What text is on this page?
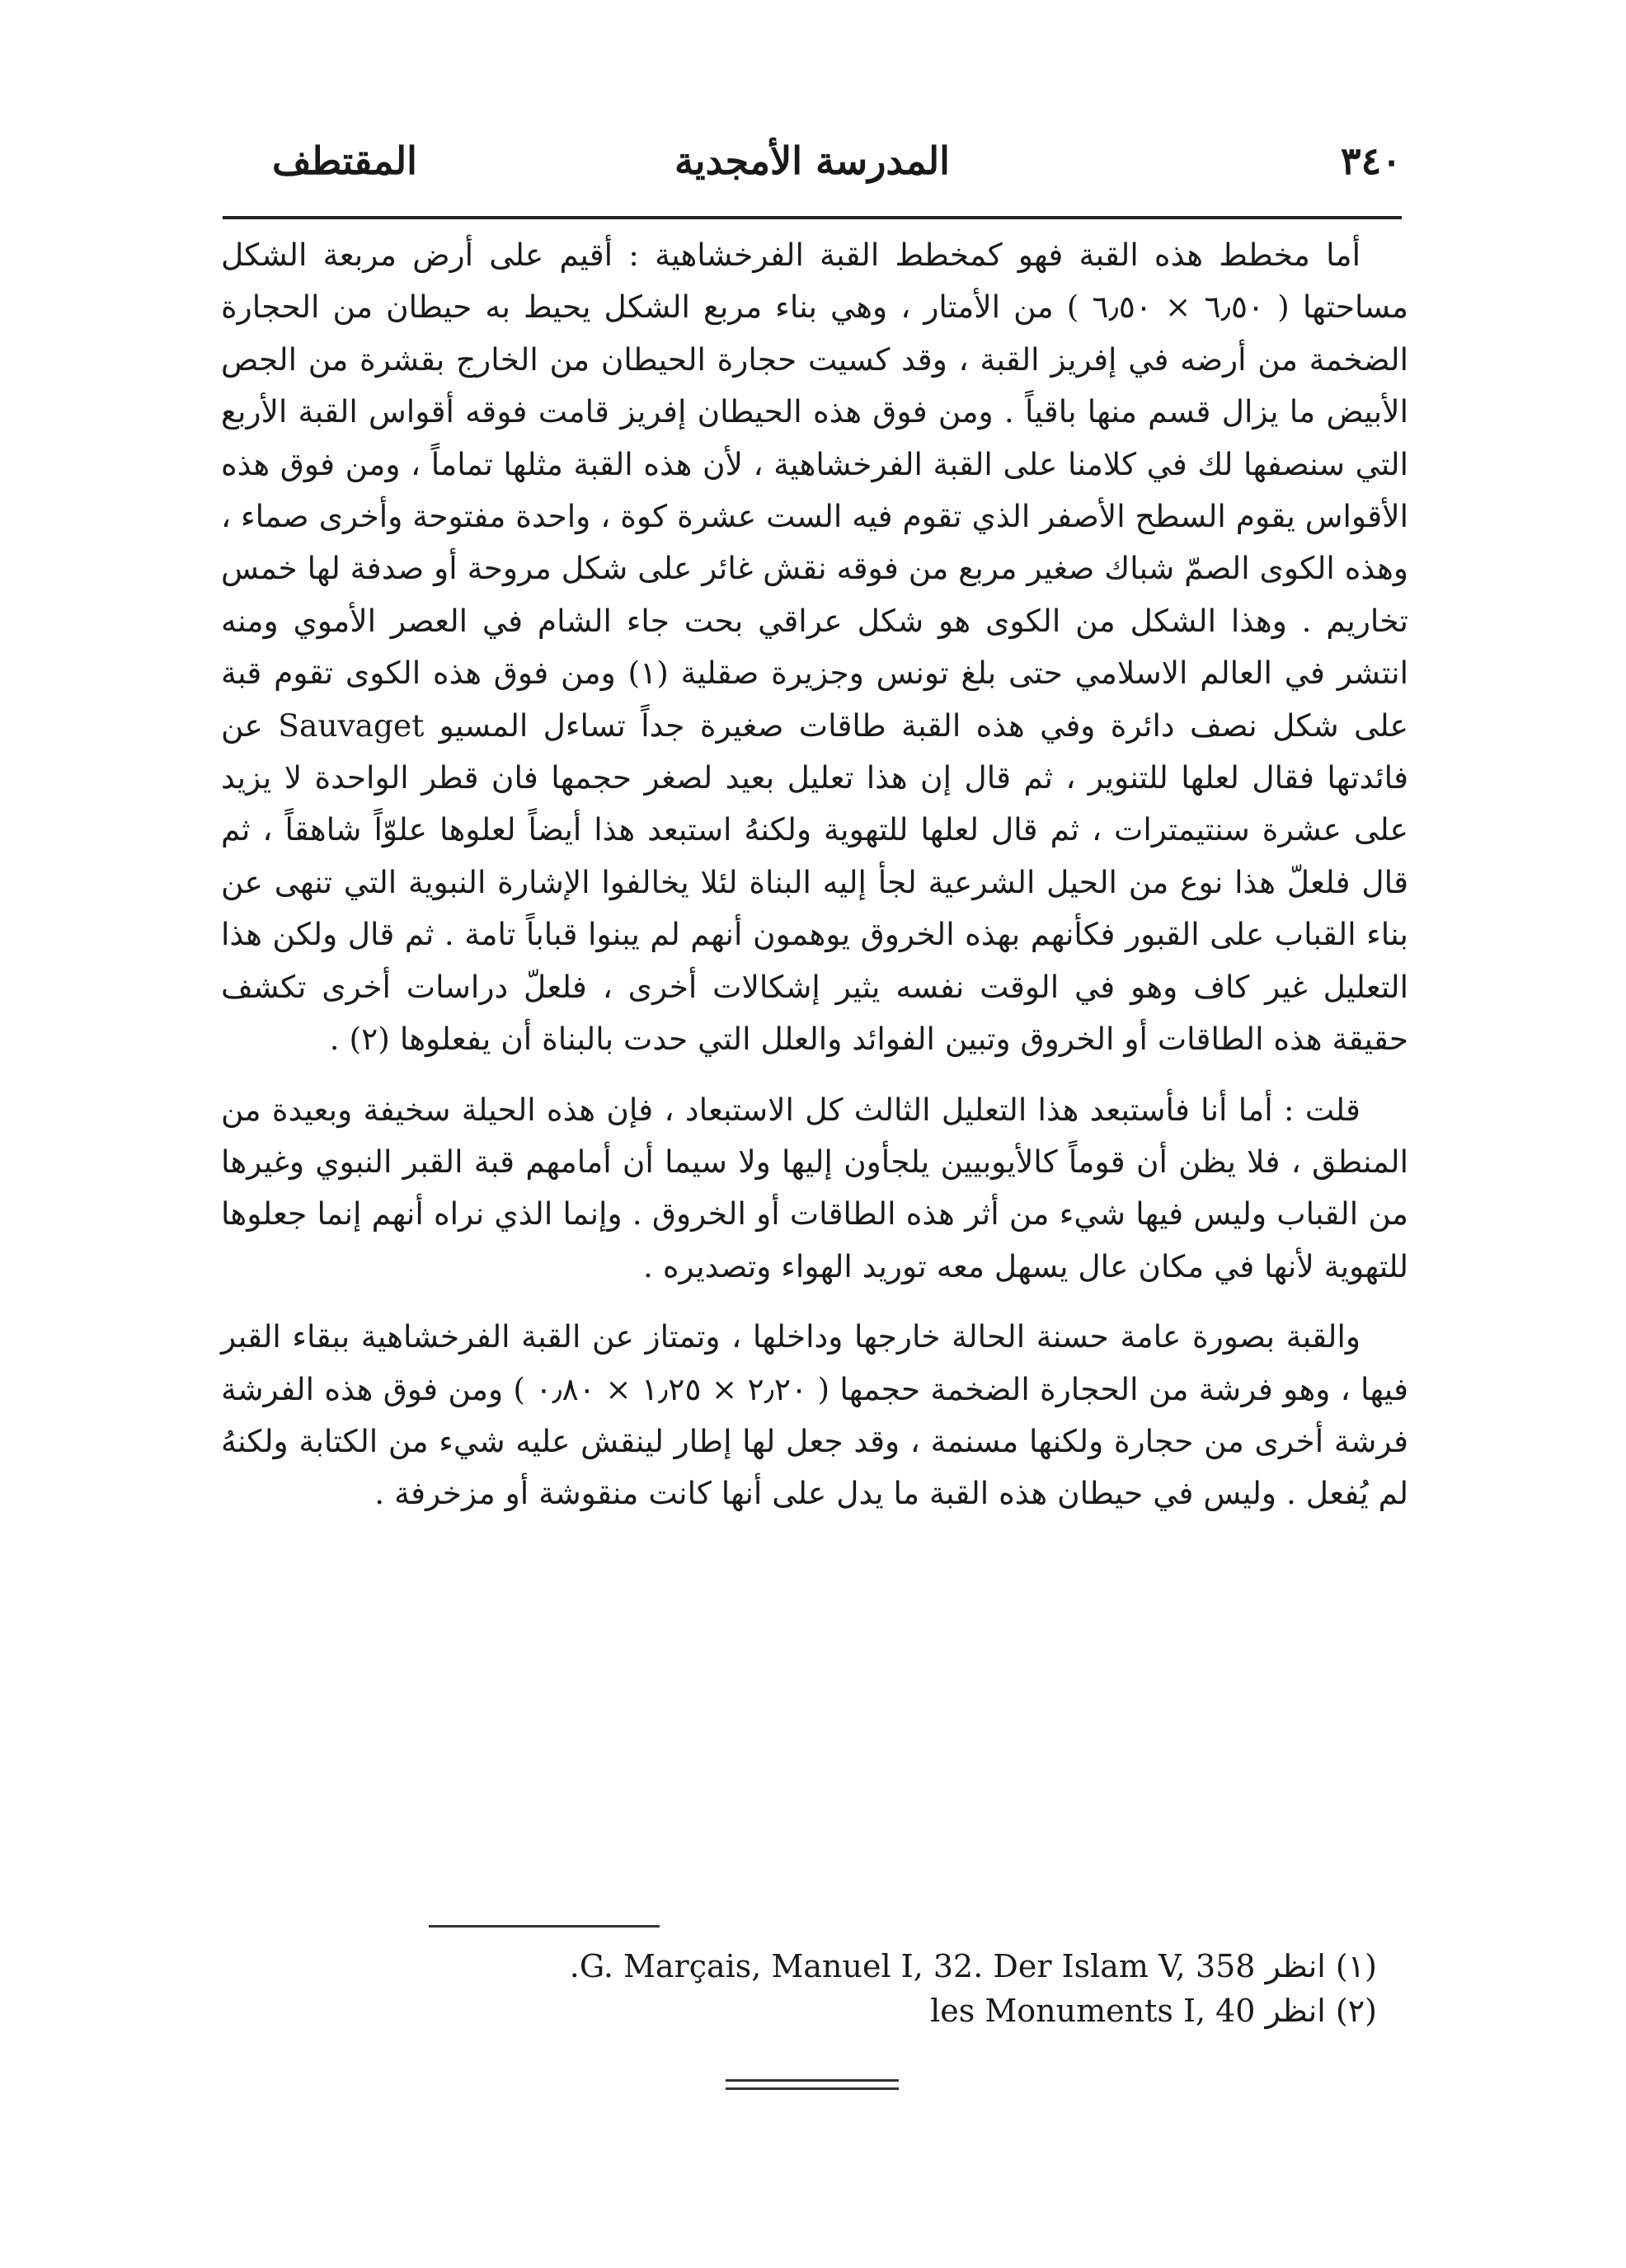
٣٤٠
المدرسة الأمجدية
المقتطف

أما مخطط هذه القبة فهو كمخطط القبة الفرخشاهية : أقيم على أرض مربعة الشكل مساحتها ( ٦٫٥٠ × ٦٫٥٠ ) من الأمتار ، وهي بناء مربع الشكل يحيط به حيطان من الحجارة الضخمة من أرضه في إفريز القبة ، وقد كسيت حجارة الحيطان من الخارج بقشرة من الجص الأبيض ما يزال قسم منها باقياً . ومن فوق هذه الحيطان إفريز قامت فوقه أقواس القبة الأربع التي سنصفها لك في كلامنا على القبة الفرخشاهية ، لأن هذه القبة مثلها تماماً ، ومن فوق هذه الأقواس يقوم السطح الأصفر الذي تقوم فيه الست عشرة كوة ، واحدة مفتوحة وأخرى صماء ، وهذه الكوى الصمّ شباك صغير مربع من فوقه نقش غائر على شكل مروحة أو صدفة لها خمس تخاريم . وهذا الشكل من الكوى هو شكل عراقي بحت جاء الشام في العصر الأموي ومنه انتشر في العالم الاسلامي حتى بلغ تونس وجزيرة صقلية (١) ومن فوق هذه الكوى تقوم قبة على شكل نصف دائرة وفي هذه القبة طاقات صغيرة جداً تساءل المسيو Sauvaget عن فائدتها فقال لعلها للتنوير ، ثم قال إن هذا تعليل بعيد لصغر حجمها فان قطر الواحدة لا يزيد على عشرة سنتيمترات ، ثم قال لعلها للتهوية ولكنهُ استبعد هذا أيضاً لعلوها علوّاً شاهقاً ، ثم قال فلعلّ هذا نوع من الحيل الشرعية لجأ إليه البناة لئلا يخالفوا الإشارة النبوية التي تنهى عن بناء القباب على القبور فكأنهم بهذه الخروق يوهمون أنهم لم يبنوا قباباً تامة . ثم قال ولكن هذا التعليل غير كاف وهو في الوقت نفسه يثير إشكالات أخرى ، فلعلّ دراسات أخرى تكشف حقيقة هذه الطاقات أو الخروق وتبين الفوائد والعلل التي حدت بالبناة أن يفعلوها (٢) .

قلت : أما أنا فأستبعد هذا التعليل الثالث كل الاستبعاد ، فإن هذه الحيلة سخيفة وبعيدة من المنطق ، فلا يظن أن قوماً كالأيوبيين يلجأون إليها ولا سيما أن أمامهم قبة القبر النبوي وغيرها من القباب وليس فيها شيء من أثر هذه الطاقات أو الخروق . وإنما الذي نراه أنهم إنما جعلوها للتهوية لأنها في مكان عال يسهل معه توريد الهواء وتصديره .

والقبة بصورة عامة حسنة الحالة خارجها وداخلها ، وتمتاز عن القبة الفرخشاهية ببقاء القبر فيها ، وهو فرشة من الحجارة الضخمة حجمها ( ٢٫٢٠ × ١٫٢٥ × ٠٫٨٠ ) ومن فوق هذه الفرشة فرشة أخرى من حجارة ولكنها مسنمة ، وقد جعل لها إطار لينقش عليه شيء من الكتابة ولكنهُ لم يُفعل . وليس في حيطان هذه القبة ما يدل على أنها كانت منقوشة أو مزخرفة .

(١) انظر G. Marçais, Manuel I, 32. Der Islam V, 358.
(٢) انظر les Monuments I, 40
